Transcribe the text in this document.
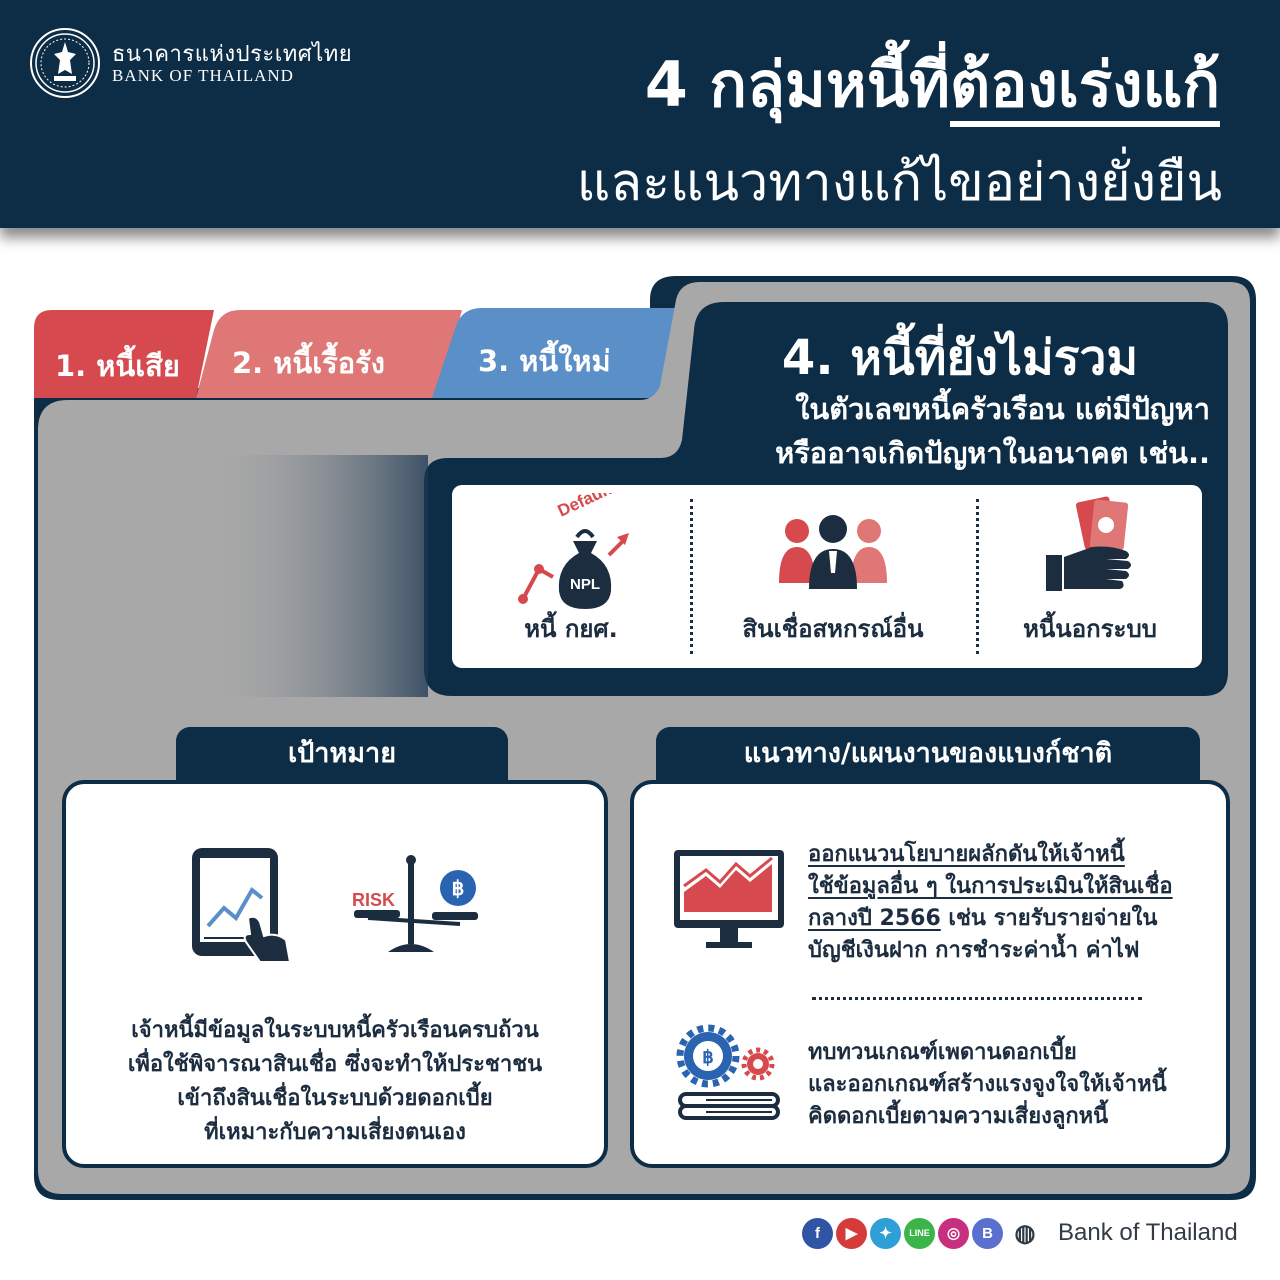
ธนาคารแห่งประเทศไทย
BANK OF THAILAND	4 กลุ่มหนี้ที่ต้องเร่งแก้
และแนวทางแก้ไขอย่างยั่งยืน
1. หนี้เสีย 2. หนี้เรื้อรัง	3. หนี้ใหม่	4. หนี้ที่ยังไม่รวม
ในตัวเลขหนี้ครัวเรือน แต่มีปัญหา
หรืออาจเกิดปัญหาในอนาคต เช่น..
Default
NPL
หนี้ กยศ.	สินเชื่อสหกรณ์อื่น	หนี้นอกระบบ
เป้าหมาย
RISK	฿
เจ้าหนี้มีข้อมูลในระบบหนี้ครัวเรือนครบถ้วน
เพื่อใช้พิจารณาสินเชื่อ ซึ่งจะทำให้ประชาชน
เข้าถึงสินเชื่อในระบบด้วยดอกเบี้ย
ที่เหมาะกับความเสี่ยงตนเอง
แนวทาง/แผนงานของแบงก์ชาติ
ออกแนวนโยบายผลักดันให้เจ้าหนี้
ใช้ข้อมูลอื่น ๆ ในการประเมินให้สินเชื่อ
กลางปี 2566 เช่น รายรับรายจ่ายใน
บัญชีเงินฝาก การชำระค่าน้ำ ค่าไฟ
฿	ทบทวนเกณฑ์เพดานดอกเบี้ย
และออกเกณฑ์สร้างแรงจูงใจให้เจ้าหนี้
คิดดอกเบี้ยตามความเสี่ยงลูกหนี้
f	▶	✦	LINE	◎	B ◍ Bank of Thailand
